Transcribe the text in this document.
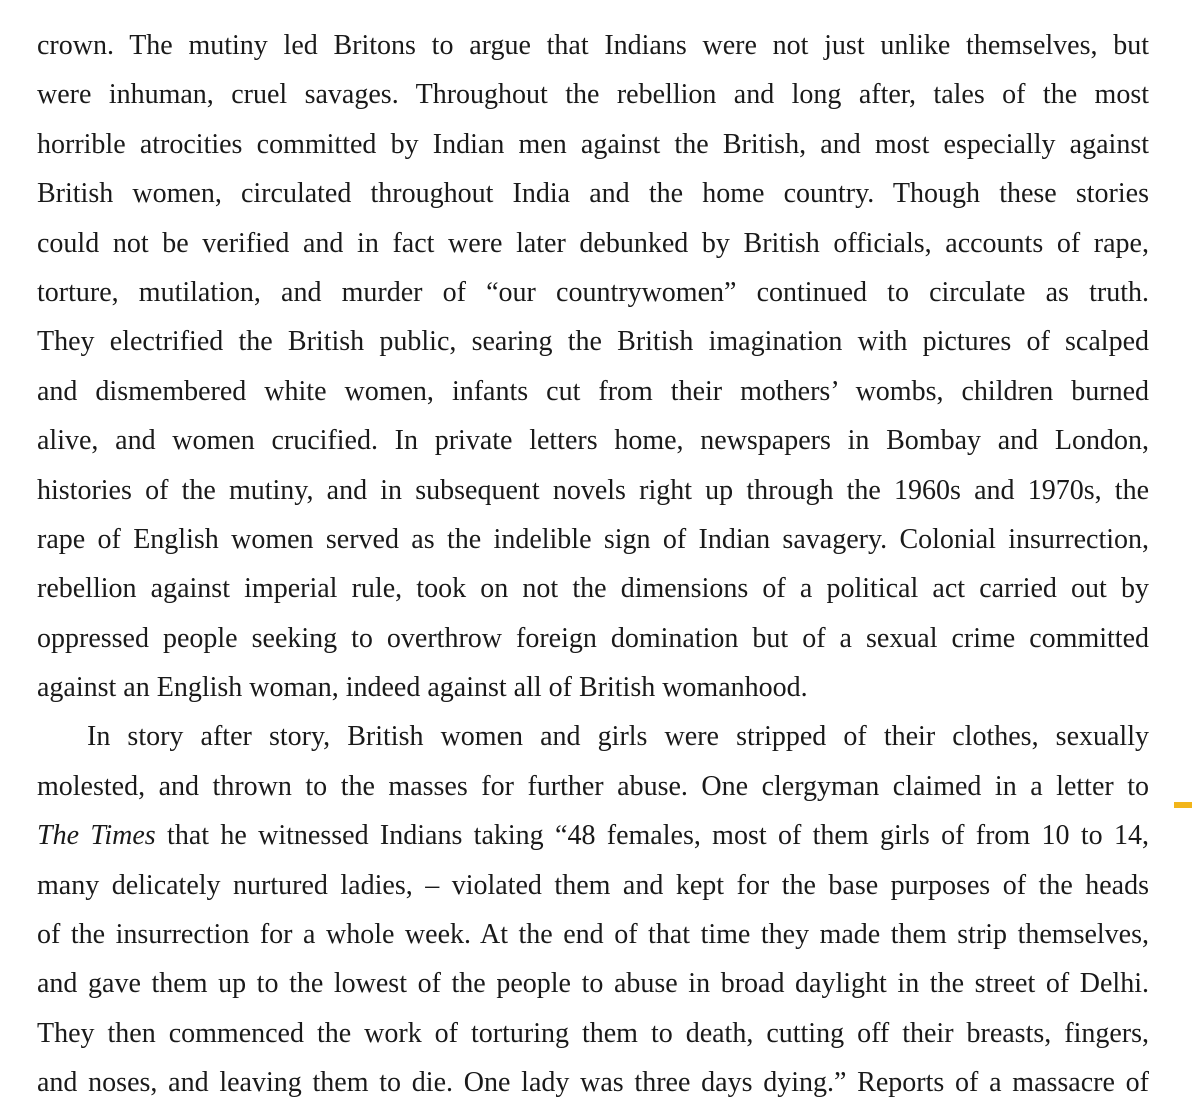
crown. The mutiny led Britons to argue that Indians were not just unlike themselves, but
were inhuman, cruel savages. Throughout the rebellion and long after, tales of the most
horrible atrocities committed by Indian men against the British, and most especially against
British women, circulated throughout India and the home country. Though these stories
could not be verified and in fact were later debunked by British officials, accounts of rape,
torture, mutilation, and murder of “our countrywomen” continued to circulate as truth.
They electrified the British public, searing the British imagination with pictures of scalped
and dismembered white women, infants cut from their mothers’ wombs, children burned
alive, and women crucified. In private letters home, newspapers in Bombay and London,
histories of the mutiny, and in subsequent novels right up through the 1960s and 1970s, the
rape of English women served as the indelible sign of Indian savagery. Colonial insurrection,
rebellion against imperial rule, took on not the dimensions of a political act carried out by
oppressed people seeking to overthrow foreign domination but of a sexual crime committed
against an English woman, indeed against all of British womanhood.
In story after story, British women and girls were stripped of their clothes, sexually
molested, and thrown to the masses for further abuse. One clergyman claimed in a letter to
The Times that he witnessed Indians taking “48 females, most of them girls of from 10 to 14,
many delicately nurtured ladies, – violated them and kept for the base purposes of the heads
of the insurrection for a whole week. At the end of that time they made them strip themselves,
and gave them up to the lowest of the people to abuse in broad daylight in the street of Delhi.
They then commenced the work of torturing them to death, cutting off their breasts, fingers,
and noses, and leaving them to die. One lady was three days dying.” Reports of a massacre of
